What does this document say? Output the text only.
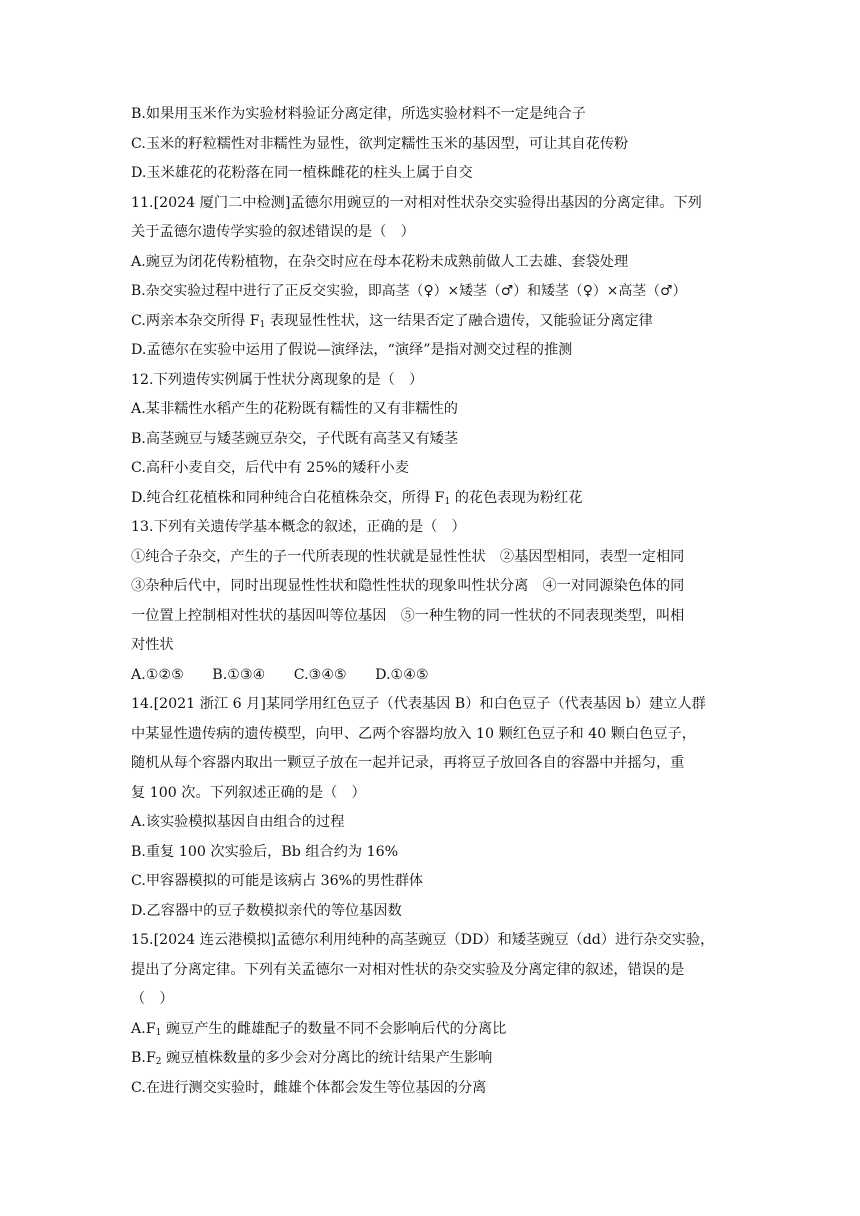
B.如果用玉米作为实验材料验证分离定律，所选实验材料不一定是纯合子
C.玉米的籽粒糯性对非糯性为显性，欲判定糯性玉米的基因型，可让其自花传粉
D.玉米雄花的花粉落在同一植株雌花的柱头上属于自交
11.[2024 厦门二中检测]孟德尔用豌豆的一对相对性状杂交实验得出基因的分离定律。下列
关于孟德尔遗传学实验的叙述错误的是（　）
A.豌豆为闭花传粉植物，在杂交时应在母本花粉未成熟前做人工去雄、套袋处理
B.杂交实验过程中进行了正反交实验，即高茎（♀）×矮茎（♂）和矮茎（♀）×高茎（♂）
C.两亲本杂交所得 $F_1$ 表现显性性状，这一结果否定了融合遗传，又能验证分离定律
D.孟德尔在实验中运用了假说—演绎法，“演绎”是指对测交过程的推测
12.下列遗传实例属于性状分离现象的是（　）
A.某非糯性水稻产生的花粉既有糯性的又有非糯性的
B.高茎豌豆与矮茎豌豆杂交，子代既有高茎又有矮茎
C.高秆小麦自交，后代中有 25%的矮秆小麦
D.纯合红花植株和同种纯合白花植株杂交，所得 $F_1$ 的花色表现为粉红花
13.下列有关遗传学基本概念的叙述，正确的是（　）
①纯合子杂交，产生的子一代所表现的性状就是显性性状　②基因型相同，表型一定相同
③杂种后代中，同时出现显性性状和隐性性状的现象叫性状分离　④一对同源染色体的同
一位置上控制相对性状的基因叫等位基因　⑤一种生物的同一性状的不同表现类型，叫相
对性状
A.①②⑤　　B.①③④　　C.③④⑤　　D.①④⑤
14.[2021 浙江 6 月]某同学用红色豆子（代表基因 B）和白色豆子（代表基因 b）建立人群
中某显性遗传病的遗传模型，向甲、乙两个容器均放入 10 颗红色豆子和 40 颗白色豆子，
随机从每个容器内取出一颗豆子放在一起并记录，再将豆子放回各自的容器中并摇匀，重
复 100 次。下列叙述正确的是（　）
A.该实验模拟基因自由组合的过程
B.重复 100 次实验后，Bb 组合约为 16%
C.甲容器模拟的可能是该病占 36%的男性群体
D.乙容器中的豆子数模拟亲代的等位基因数
15.[2024 连云港模拟]孟德尔利用纯种的高茎豌豆（DD）和矮茎豌豆（dd）进行杂交实验，
提出了分离定律。下列有关孟德尔一对相对性状的杂交实验及分离定律的叙述，错误的是
（　）
$A.F_1$ 豌豆产生的雌雄配子的数量不同不会影响后代的分离比
$B.F_2$ 豌豆植株数量的多少会对分离比的统计结果产生影响
C.在进行测交实验时，雌雄个体都会发生等位基因的分离
